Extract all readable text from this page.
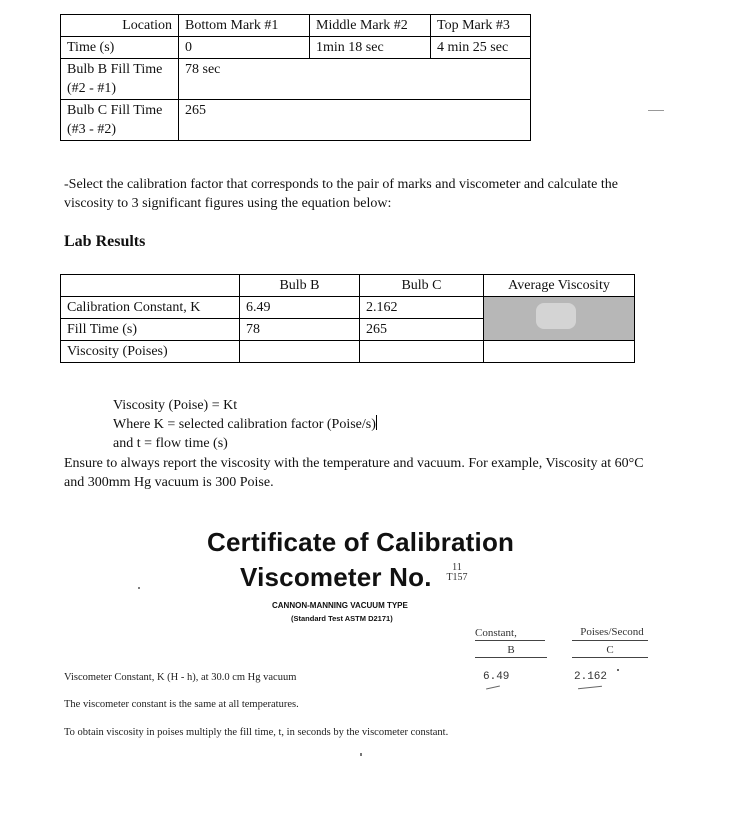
Location	Bottom Mark #1	Middle Mark #2	Top Mark #3
Time (s)	0	1min 18 sec	4 min 25 sec
Bulb B Fill Time (#2 - #1)	78 sec		
Bulb C Fill Time (#3 - #2)	265		
-Select the calibration factor that corresponds to the pair of marks and viscometer and calculate the viscosity to 3 significant figures using the equation below:
Lab Results
	Bulb B	Bulb C	Average Viscosity
Calibration Constant, K	6.49	2.162	

Fill Time (s)	78	265	
Viscosity (Poises)			
Viscosity (Poise) = Kt
Where K = selected calibration factor (Poise/s)
and t = flow time (s)
Ensure to always report the viscosity with the temperature and vacuum. For example, Viscosity at 60°C and 300mm Hg vacuum is 300 Poise.
Certificate of Calibration
Viscometer No.	11
T157
CANNON-MANNING VACUUM TYPE
(Standard Test ASTM D2171)
Constant,
B
Poises/Second
C
Viscometer Constant, K (H - h), at 30.0 cm Hg vacuum	6.49	2.162
The viscometer constant is the same at all temperatures.
To obtain viscosity in poises multiply the fill time, t, in seconds by the viscometer constant.
